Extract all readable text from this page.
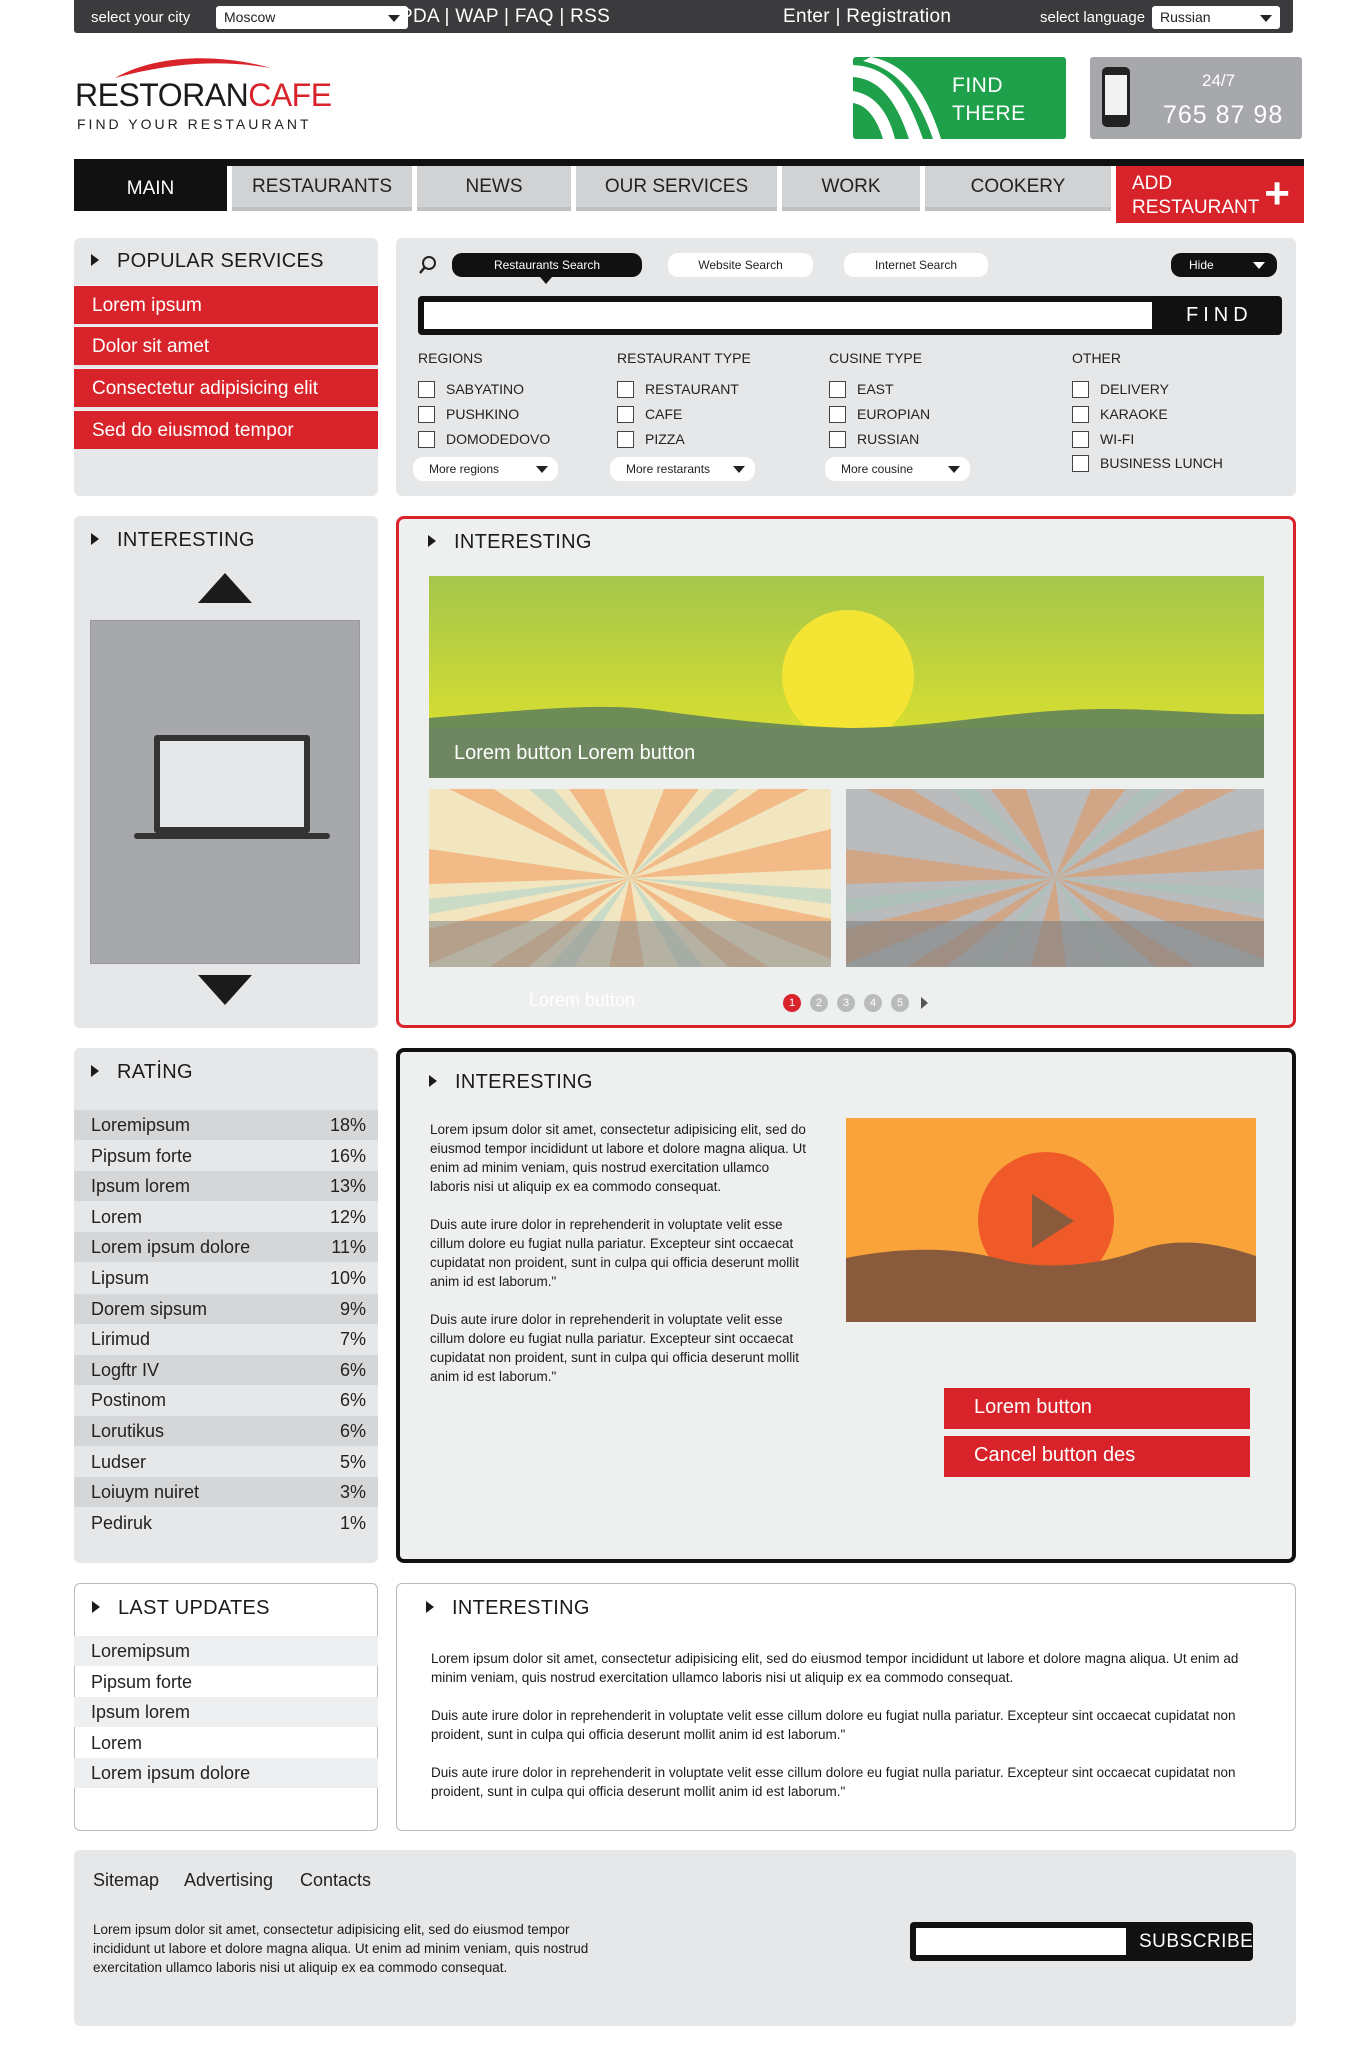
select your city	Moscow	PDA | WAP | FAQ | RSS	Enter | Registration	select language	Russian
RESTORANCAFE
FIND YOUR RESTAURANT
FIND
THERE
24/7
765 87 98
MAIN	RESTAURANTS	NEWS	OUR SERVICES	WORK	COOKERY	ADD
RESTAURANT +
POPULAR SERVICES
Lorem ipsum
Dolor sit amet
Consectetur adipisicing elit
Sed do eiusmod tempor
Restaurants Search	Website Search	Internet Search	Hide
FIND
REGIONS
SABYATINO
PUSHKINO
DOMODEDOVO
More regions
RESTAURANT TYPE
RESTAURANT
CAFE
PIZZA
More restarants
CUSINE TYPE
EAST
EUROPIAN
RUSSIAN
More cousine
OTHER
DELIVERY
KARAOKE
WI-FI
BUSINESS LUNCH
INTERESTING	INTERESTING
Lorem button Lorem button
Lorem button	1	2	3	4	5
RATİNG
Loremipsum	18%
Pipsum forte	16%
Ipsum lorem	13%
Lorem	12%
Lorem ipsum dolore	11%
Lipsum	10%
Dorem sipsum	9%
Lirimud	7%
Logftr IV	6%
Postinom	6%
Lorutikus	6%
Ludser	5%
Loiuym nuiret	3%
Pediruk	1%
INTERESTING
Lorem ipsum dolor sit amet, consectetur adipisicing elit, sed do eiusmod tempor incididunt ut labore et dolore magna aliqua. Ut enim ad minim veniam, quis nostrud exercitation ullamco laboris nisi ut aliquip ex ea commodo consequat.
Duis aute irure dolor in reprehenderit in voluptate velit esse cillum dolore eu fugiat nulla pariatur. Excepteur sint occaecat cupidatat non proident, sunt in culpa qui officia deserunt mollit anim id est laborum."
Duis aute irure dolor in reprehenderit in voluptate velit esse cillum dolore eu fugiat nulla pariatur. Excepteur sint occaecat cupidatat non proident, sunt in culpa qui officia deserunt mollit anim id est laborum."
Lorem button
Cancel button des
LAST UPDATES
Loremipsum
Pipsum forte
Ipsum lorem
Lorem
Lorem ipsum dolore
INTERESTING
Lorem ipsum dolor sit amet, consectetur adipisicing elit, sed do eiusmod tempor incididunt ut labore et dolore magna aliqua. Ut enim ad minim veniam, quis nostrud exercitation ullamco laboris nisi ut aliquip ex ea commodo consequat.
Duis aute irure dolor in reprehenderit in voluptate velit esse cillum dolore eu fugiat nulla pariatur. Excepteur sint occaecat cupidatat non proident, sunt in culpa qui officia deserunt mollit anim id est laborum."
Duis aute irure dolor in reprehenderit in voluptate velit esse cillum dolore eu fugiat nulla pariatur. Excepteur sint occaecat cupidatat non proident, sunt in culpa qui officia deserunt mollit anim id est laborum."
Sitemap Advertising Contacts
Lorem ipsum dolor sit amet, consectetur adipisicing elit, sed do eiusmod tempor incididunt ut labore et dolore magna aliqua. Ut enim ad minim veniam, quis nostrud exercitation ullamco laboris nisi ut aliquip ex ea commodo consequat.
SUBSCRIBE
